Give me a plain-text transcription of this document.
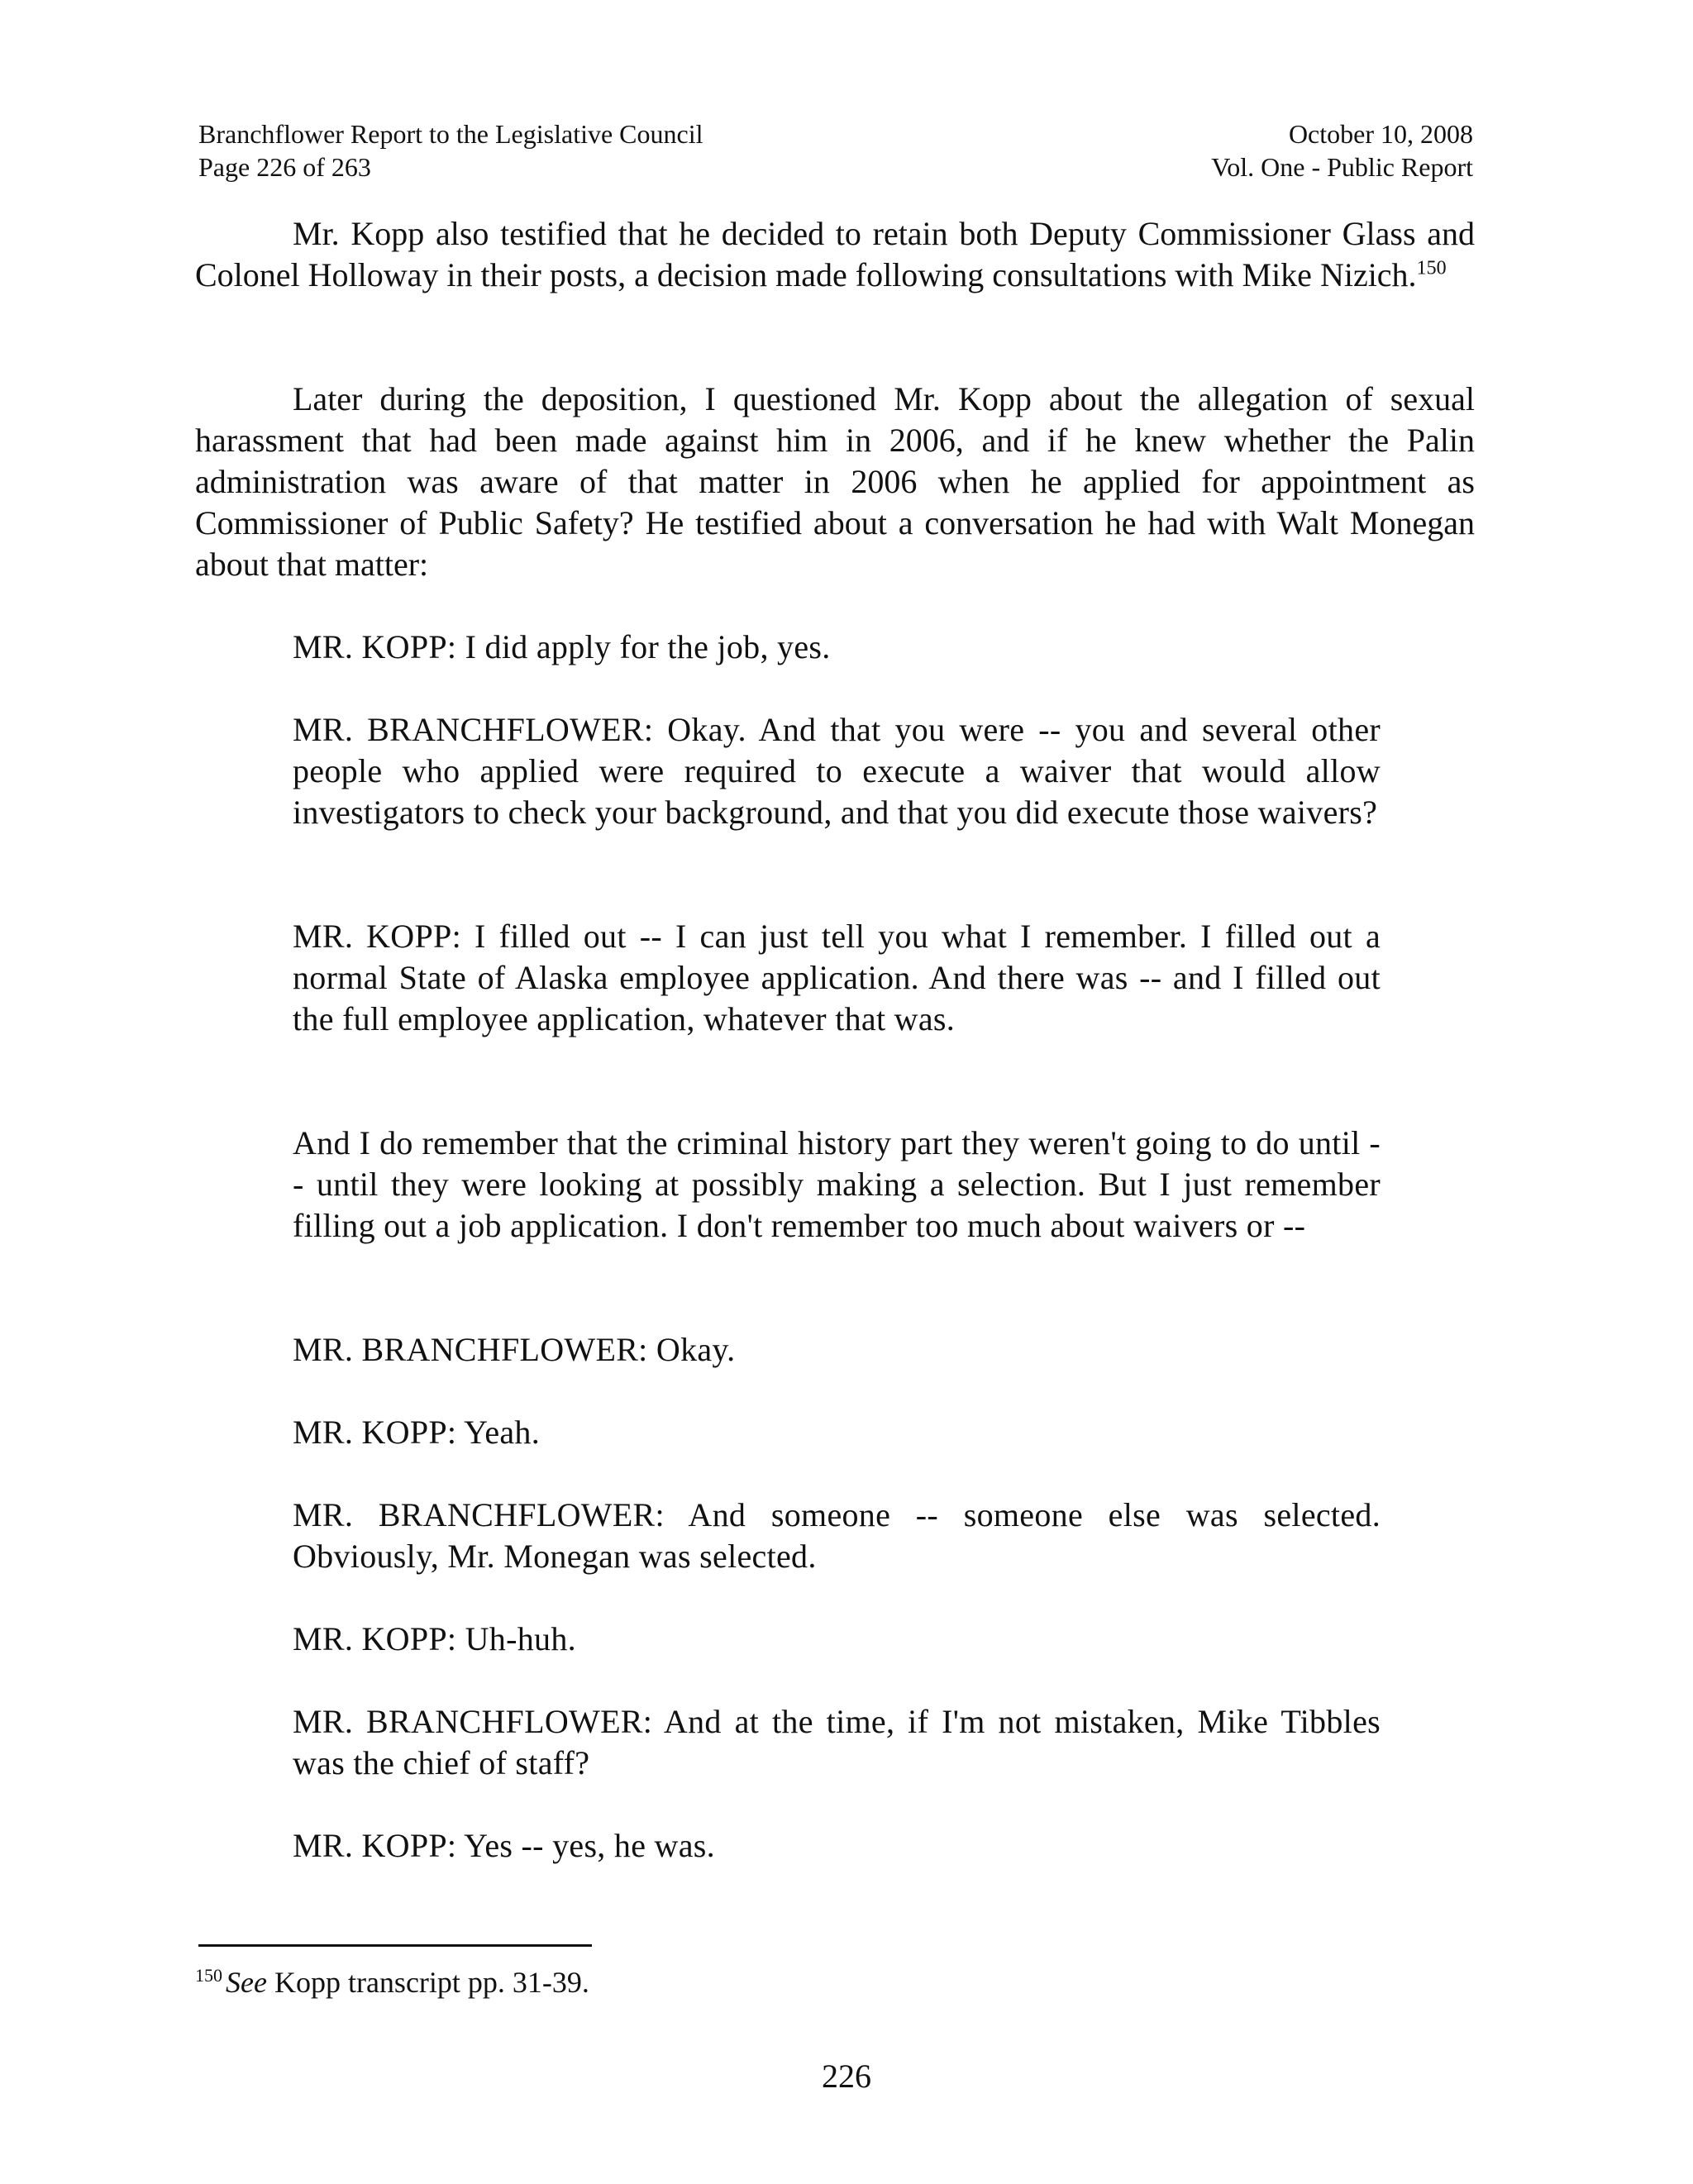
Branchflower Report to the Legislative Council
Page 226 of 263
October 10, 2008
Vol. One - Public Report
Mr. Kopp also testified that he decided to retain both Deputy Commissioner Glass and Colonel Holloway in their posts, a decision made following consultations with Mike Nizich.$^{150}$
Later during the deposition, I questioned Mr. Kopp about the allegation of sexual harassment that had been made against him in 2006, and if he knew whether the Palin administration was aware of that matter in 2006 when he applied for appointment as Commissioner of Public Safety? He testified about a conversation he had with Walt Monegan about that matter:

MR. KOPP: I did apply for the job, yes.

MR. BRANCHFLOWER: Okay. And that you were -- you and several other people who applied were required to execute a waiver that would allow investigators to check your background, and that you did execute those waivers?

MR. KOPP: I filled out -- I can just tell you what I remember. I filled out a normal State of Alaska employee application. And there was -- and I filled out the full employee application, whatever that was.

And I do remember that the criminal history part they weren't going to do until -- until they were looking at possibly making a selection. But I just remember filling out a job application. I don't remember too much about waivers or --

MR. BRANCHFLOWER: Okay.

MR. KOPP: Yeah.

MR. BRANCHFLOWER: And someone -- someone else was selected. Obviously, Mr. Monegan was selected.

MR. KOPP: Uh-huh.

MR. BRANCHFLOWER: And at the time, if I'm not mistaken, Mike Tibbles was the chief of staff?

MR. KOPP: Yes -- yes, he was.

$^{150}$ See Kopp transcript pp. 31-39.
226
